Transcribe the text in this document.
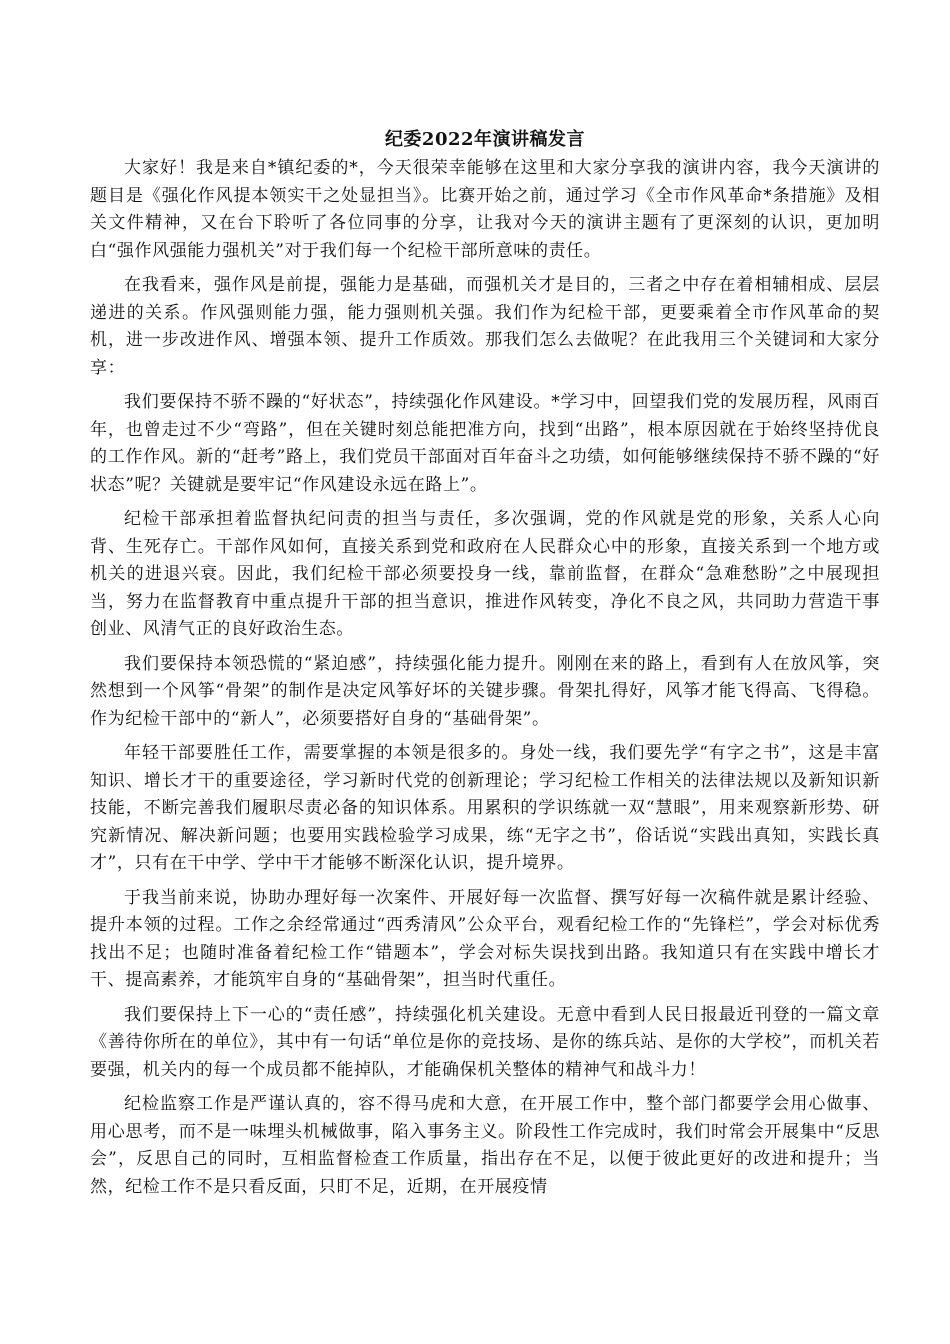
纪委2022年演讲稿发言

大家好！我是来自*镇纪委的*，今天很荣幸能够在这里和大家分享我的演讲内容，我今天演讲的题目是《强化作风提本领实干之处显担当》。比赛开始之前，通过学习《全市作风革命*条措施》及相关文件精神，又在台下聆听了各位同事的分享，让我对今天的演讲主题有了更深刻的认识，更加明白“强作风强能力强机关”对于我们每一个纪检干部所意味的责任。

在我看来，强作风是前提，强能力是基础，而强机关才是目的，三者之中存在着相辅相成、层层递进的关系。作风强则能力强，能力强则机关强。我们作为纪检干部，更要乘着全市作风革命的契机，进一步改进作风、增强本领、提升工作质效。那我们怎么去做呢？在此我用三个关键词和大家分享：

我们要保持不骄不躁的“好状态”，持续强化作风建设。*学习中，回望我们党的发展历程，风雨百年，也曾走过不少“弯路”，但在关键时刻总能把准方向，找到“出路”，根本原因就在于始终坚持优良的工作作风。新的“赶考”路上，我们党员干部面对百年奋斗之功绩，如何能够继续保持不骄不躁的“好状态”呢？关键就是要牢记“作风建设永远在路上”。

纪检干部承担着监督执纪问责的担当与责任，多次强调，党的作风就是党的形象，关系人心向背、生死存亡。干部作风如何，直接关系到党和政府在人民群众心中的形象，直接关系到一个地方或机关的进退兴衰。因此，我们纪检干部必须要投身一线，靠前监督，在群众“急难愁盼”之中展现担当，努力在监督教育中重点提升干部的担当意识，推进作风转变，净化不良之风，共同助力营造干事创业、风清气正的良好政治生态。

我们要保持本领恐慌的“紧迫感”，持续强化能力提升。刚刚在来的路上，看到有人在放风筝，突然想到一个风筝“骨架”的制作是决定风筝好坏的关键步骤。骨架扎得好，风筝才能飞得高、飞得稳。作为纪检干部中的“新人”，必须要搭好自身的“基础骨架”。

年轻干部要胜任工作，需要掌握的本领是很多的。身处一线，我们要先学“有字之书”，这是丰富知识、增长才干的重要途径，学习新时代党的创新理论；学习纪检工作相关的法律法规以及新知识新技能，不断完善我们履职尽责必备的知识体系。用累积的学识练就一双“慧眼”，用来观察新形势、研究新情况、解决新问题；也要用实践检验学习成果，练“无字之书”，俗话说“实践出真知，实践长真才”，只有在干中学、学中干才能够不断深化认识，提升境界。

于我当前来说，协助办理好每一次案件、开展好每一次监督、撰写好每一次稿件就是累计经验、提升本领的过程。工作之余经常通过“西秀清风”公众平台，观看纪检工作的“先锋栏”，学会对标优秀找出不足；也随时准备着纪检工作“错题本”，学会对标失误找到出路。我知道只有在实践中增长才干、提高素养，才能筑牢自身的“基础骨架”，担当时代重任。

我们要保持上下一心的“责任感”，持续强化机关建设。无意中看到人民日报最近刊登的一篇文章《善待你所在的单位》，其中有一句话“单位是你的竞技场、是你的练兵站、是你的大学校”，而机关若要强，机关内的每一个成员都不能掉队，才能确保机关整体的精神气和战斗力！

纪检监察工作是严谨认真的，容不得马虎和大意，在开展工作中，整个部门都要学会用心做事、用心思考，而不是一味埋头机械做事，陷入事务主义。阶段性工作完成时，我们时常会开展集中“反思会”，反思自己的同时，互相监督检查工作质量，指出存在不足，以便于彼此更好的改进和提升；当然，纪检工作不是只看反面，只盯不足，近期，在开展疫情
